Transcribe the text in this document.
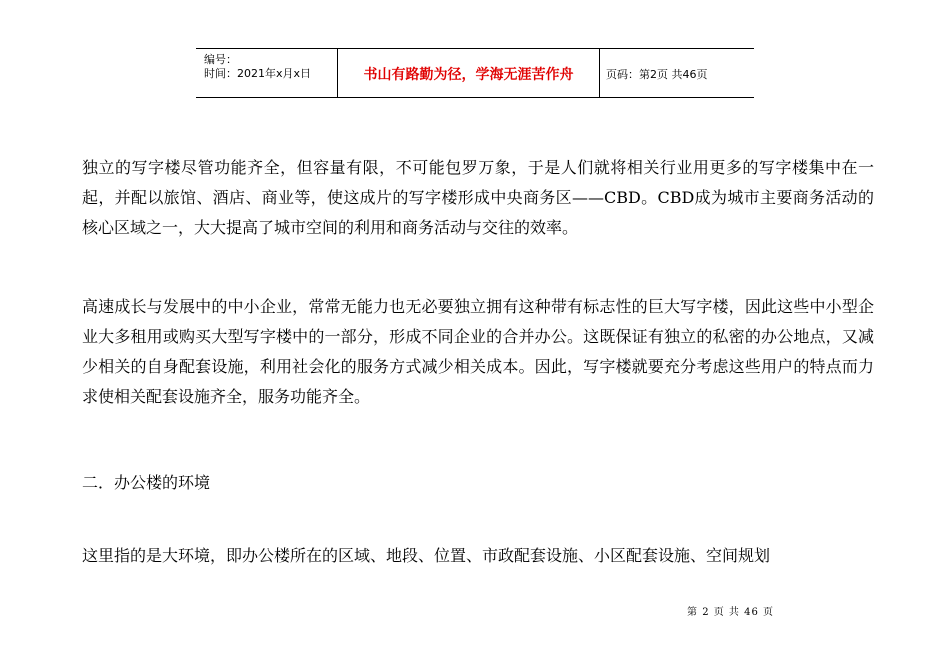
编号：
时间：2021年x月x日	书山有路勤为径，学海无涯苦作舟	页码：第2页 共46页

独立的写字楼尽管功能齐全，但容量有限，不可能包罗万象，于是人们就将相关行业用更多的写字楼集中在一起，并配以旅馆、酒店、商业等，使这成片的写字楼形成中央商务区——CBD。CBD成为城市主要商务活动的核心区域之一，大大提高了城市空间的利用和商务活动与交往的效率。

高速成长与发展中的中小企业，常常无能力也无必要独立拥有这种带有标志性的巨大写字楼，因此这些中小型企业大多租用或购买大型写字楼中的一部分，形成不同企业的合并办公。这既保证有独立的私密的办公地点，又减少相关的自身配套设施，利用社会化的服务方式减少相关成本。因此，写字楼就要充分考虑这些用户的特点而力求使相关配套设施齐全，服务功能齐全。

二．办公楼的环境

这里指的是大环境，即办公楼所在的区域、地段、位置、市政配套设施、小区配套设施、空间规划

第 2 页 共 46 页
